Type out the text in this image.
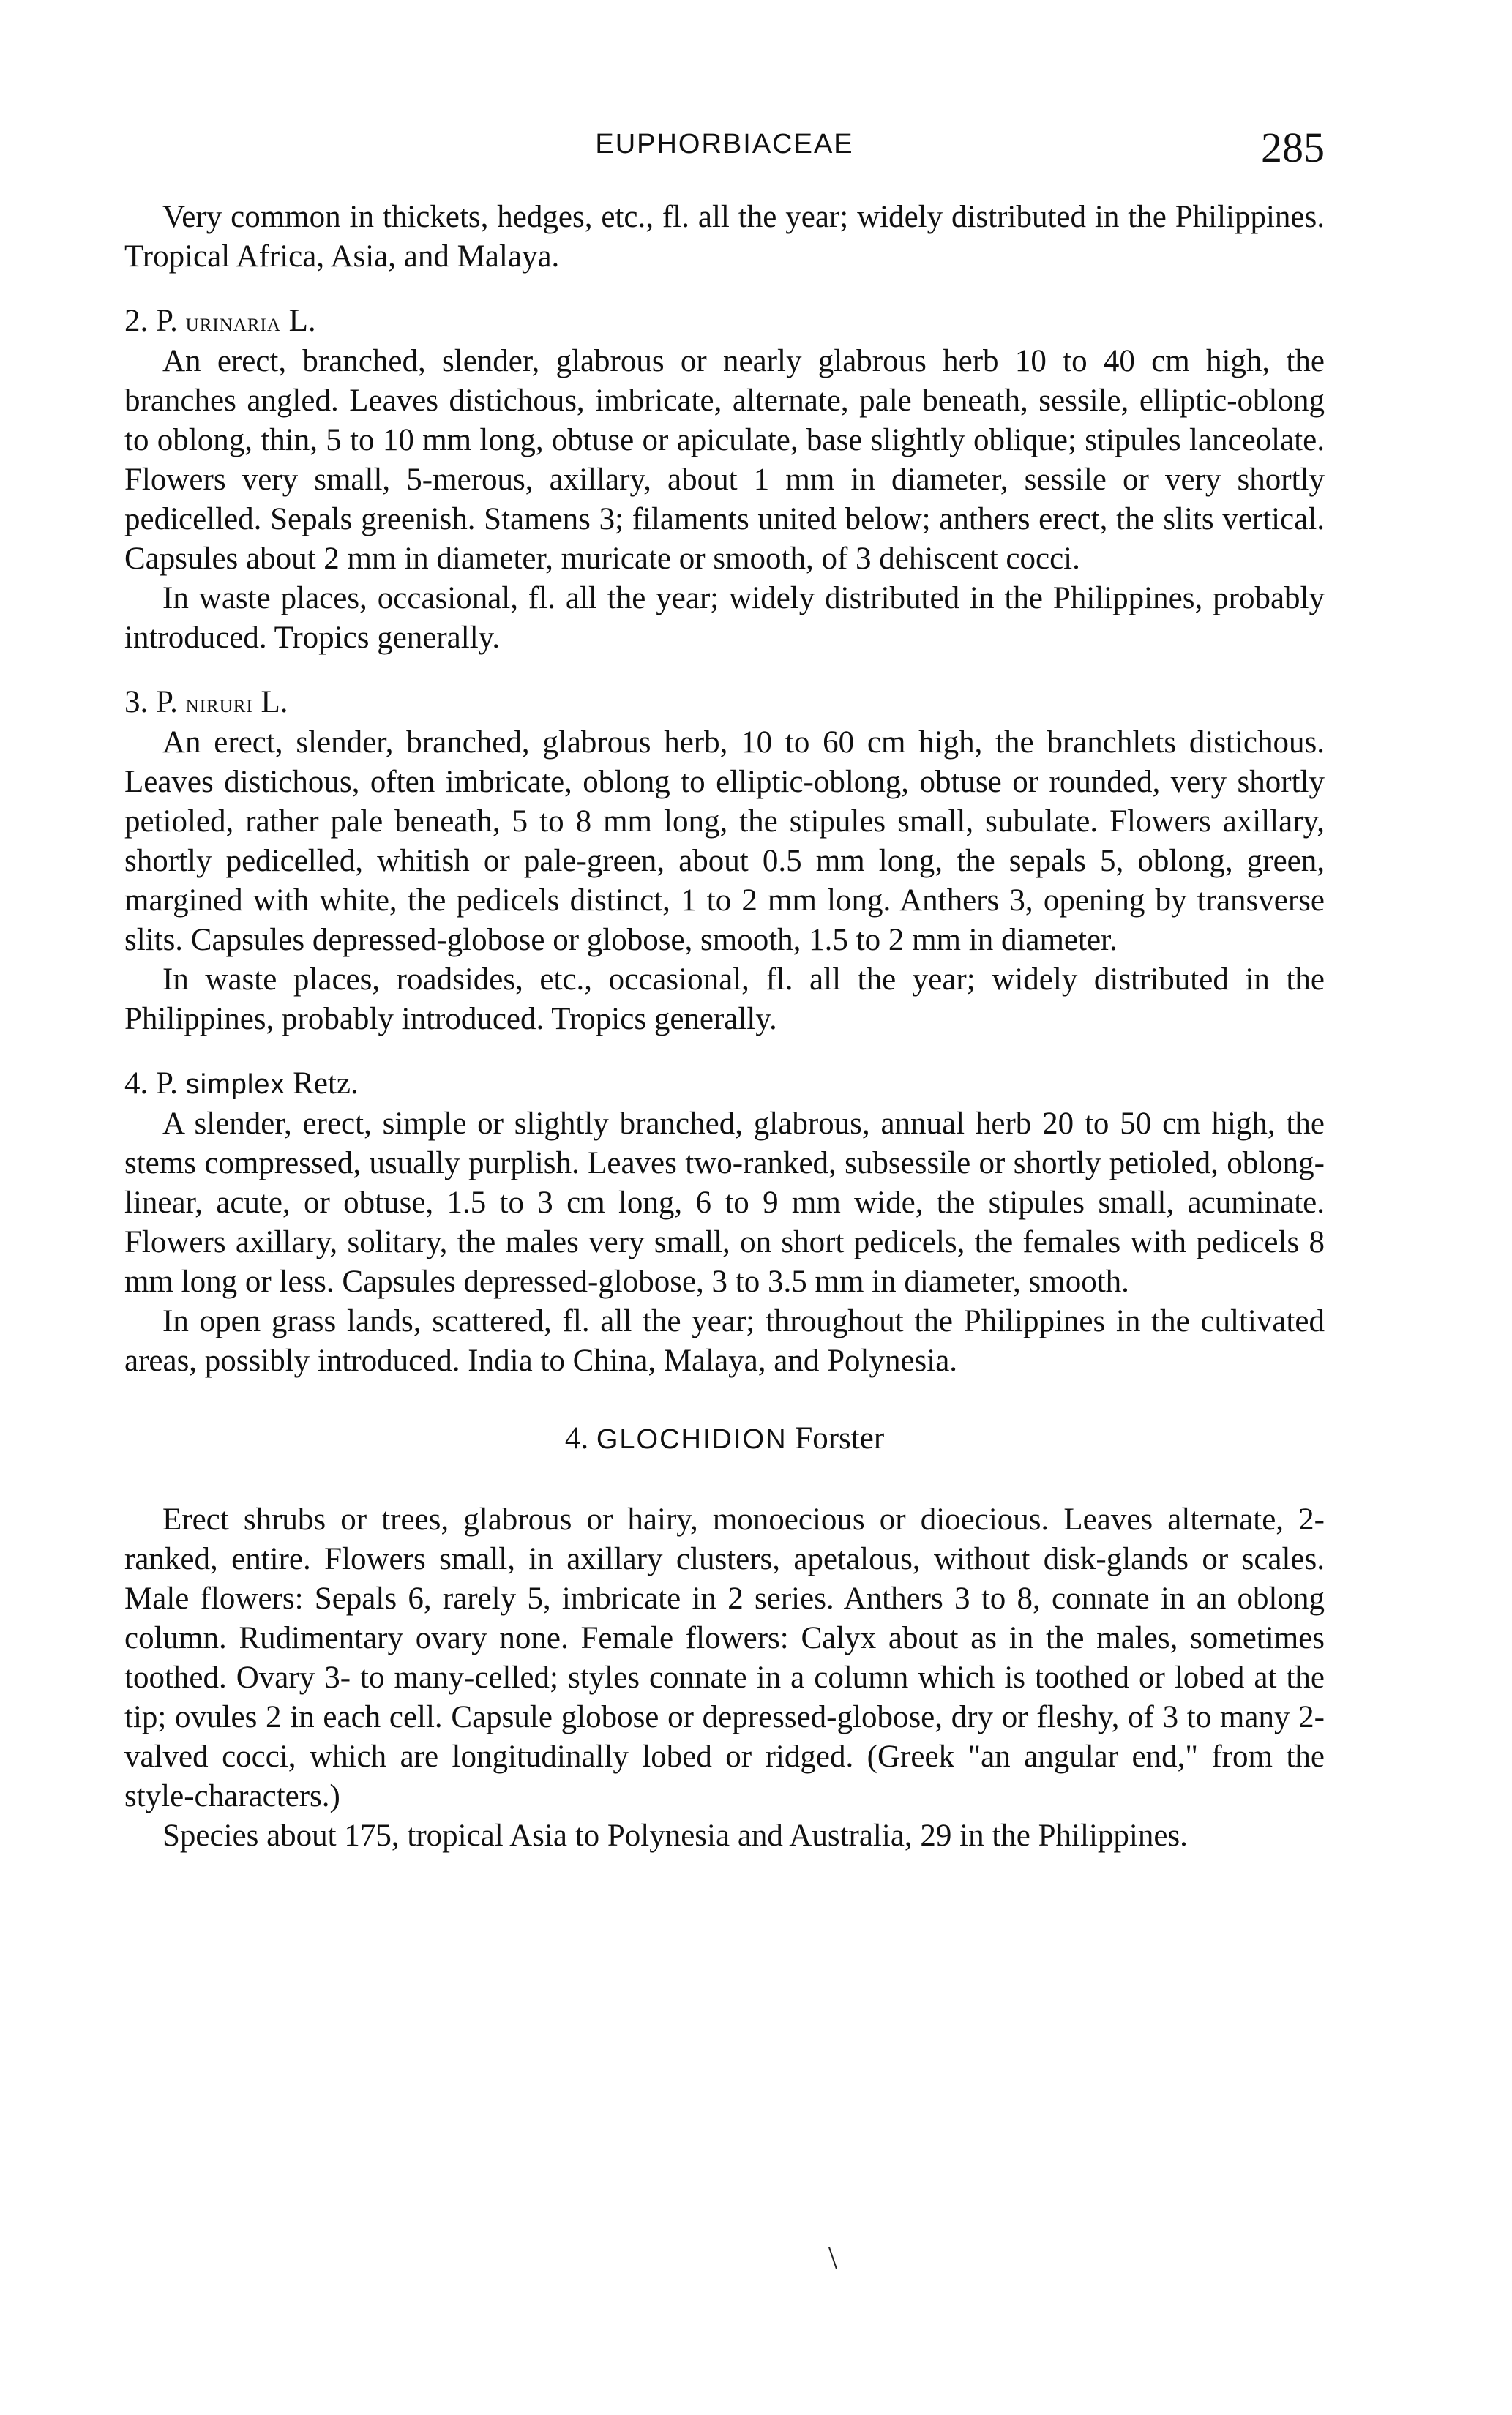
EUPHORBIACEAE	285

Very common in thickets, hedges, etc., fl. all the year; widely distributed in the Philippines. Tropical Africa, Asia, and Malaya.

2. P. urinaria L.

An erect, branched, slender, glabrous or nearly glabrous herb 10 to 40 cm high, the branches angled. Leaves distichous, imbricate, alternate, pale beneath, sessile, elliptic-oblong to oblong, thin, 5 to 10 mm long, obtuse or apiculate, base slightly oblique; stipules lanceolate. Flowers very small, 5-merous, axillary, about 1 mm in diameter, sessile or very shortly pedicelled. Sepals greenish. Stamens 3; filaments united below; anthers erect, the slits vertical. Capsules about 2 mm in diameter, muricate or smooth, of 3 dehiscent cocci.

In waste places, occasional, fl. all the year; widely distributed in the Philippines, probably introduced. Tropics generally.

3. P. niruri L.

An erect, slender, branched, glabrous herb, 10 to 60 cm high, the branchlets distichous. Leaves distichous, often imbricate, oblong to elliptic-oblong, obtuse or rounded, very shortly petioled, rather pale beneath, 5 to 8 mm long, the stipules small, subulate. Flowers axillary, shortly pedicelled, whitish or pale-green, about 0.5 mm long, the sepals 5, oblong, green, margined with white, the pedicels distinct, 1 to 2 mm long. Anthers 3, opening by transverse slits. Capsules depressed-globose or globose, smooth, 1.5 to 2 mm in diameter.

In waste places, roadsides, etc., occasional, fl. all the year; widely distributed in the Philippines, probably introduced. Tropics generally.

4. P. simplex Retz.

A slender, erect, simple or slightly branched, glabrous, annual herb 20 to 50 cm high, the stems compressed, usually purplish. Leaves two-ranked, subsessile or shortly petioled, oblong-linear, acute, or obtuse, 1.5 to 3 cm long, 6 to 9 mm wide, the stipules small, acuminate. Flowers axillary, solitary, the males very small, on short pedicels, the females with pedicels 8 mm long or less. Capsules depressed-globose, 3 to 3.5 mm in diameter, smooth.

In open grass lands, scattered, fl. all the year; throughout the Philippines in the cultivated areas, possibly introduced. India to China, Malaya, and Polynesia.

4. GLOCHIDION Forster

Erect shrubs or trees, glabrous or hairy, monoecious or dioecious. Leaves alternate, 2-ranked, entire. Flowers small, in axillary clusters, apetalous, without disk-glands or scales. Male flowers: Sepals 6, rarely 5, imbricate in 2 series. Anthers 3 to 8, connate in an oblong column. Rudimentary ovary none. Female flowers: Calyx about as in the males, sometimes toothed. Ovary 3- to many-celled; styles connate in a column which is toothed or lobed at the tip; ovules 2 in each cell. Capsule globose or depressed-globose, dry or fleshy, of 3 to many 2-valved cocci, which are longitudinally lobed or ridged. (Greek "an angular end," from the style-characters.)

Species about 175, tropical Asia to Polynesia and Australia, 29 in the Philippines.

\
